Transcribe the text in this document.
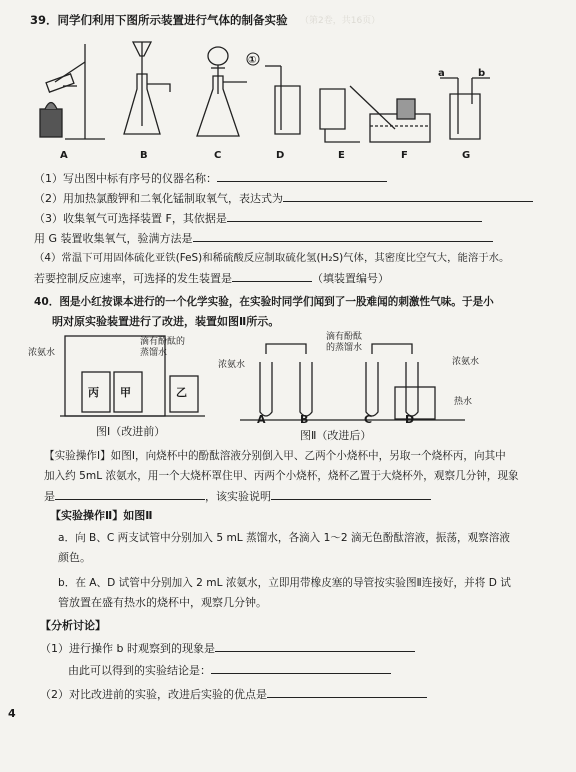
（第2卷，共16页）
39．同学们利用下图所示装置进行气体的制备实验
①
a	b
A	B	C	D	E	F	G
（1）写出图中标有序号的仪器名称：
（2）用加热氯酸钾和二氧化锰制取氧气，表达式为
（3）收集氧气可选择装置 F，其依据是
用 G 装置收集氧气，验满方法是
（4）常温下可用固体硫化亚铁(FeS)和稀硫酸反应制取硫化氢(H₂S)气体，其密度比空气大，能溶于水。
若要控制反应速率，可选择的发生装置是	（填装置编号）
40．图是小红按课本进行的一个化学实验，在实验时同学们闻到了一股难闻的刺激性气味。于是小
明对原实验装置进行了改进，装置如图Ⅱ所示。
浓氨水
滴有酚酞的蒸馏水
丙 甲	乙
图Ⅰ（改进前）
浓氨水
滴有酚酞的蒸馏水
浓氨水
热水
A	B	C	D
图Ⅱ（改进后）
【实验操作Ⅰ】如图Ⅰ，向烧杯中的酚酞溶液分别倒入甲、乙两个小烧杯中，另取一个烧杯丙，向其中
加入约 5mL 浓氨水，用一个大烧杯罩住甲、丙两个小烧杯，烧杯乙置于大烧杯外，观察几分钟，现象
是	，该实验说明
【实验操作Ⅱ】如图Ⅱ
a．向 B、C 两支试管中分别加入 5 mL 蒸馏水，各滴入 1～2 滴无色酚酞溶液，振荡，观察溶液
颜色。
b．在 A、D 试管中分别加入 2 mL 浓氨水，立即用带橡皮塞的导管按实验图Ⅱ连接好，并将 D 试
管放置在盛有热水的烧杯中，观察几分钟。
【分析讨论】
（1）进行操作 b 时观察到的现象是
由此可以得到的实验结论是：
（2）对比改进前的实验，改进后实验的优点是
4
